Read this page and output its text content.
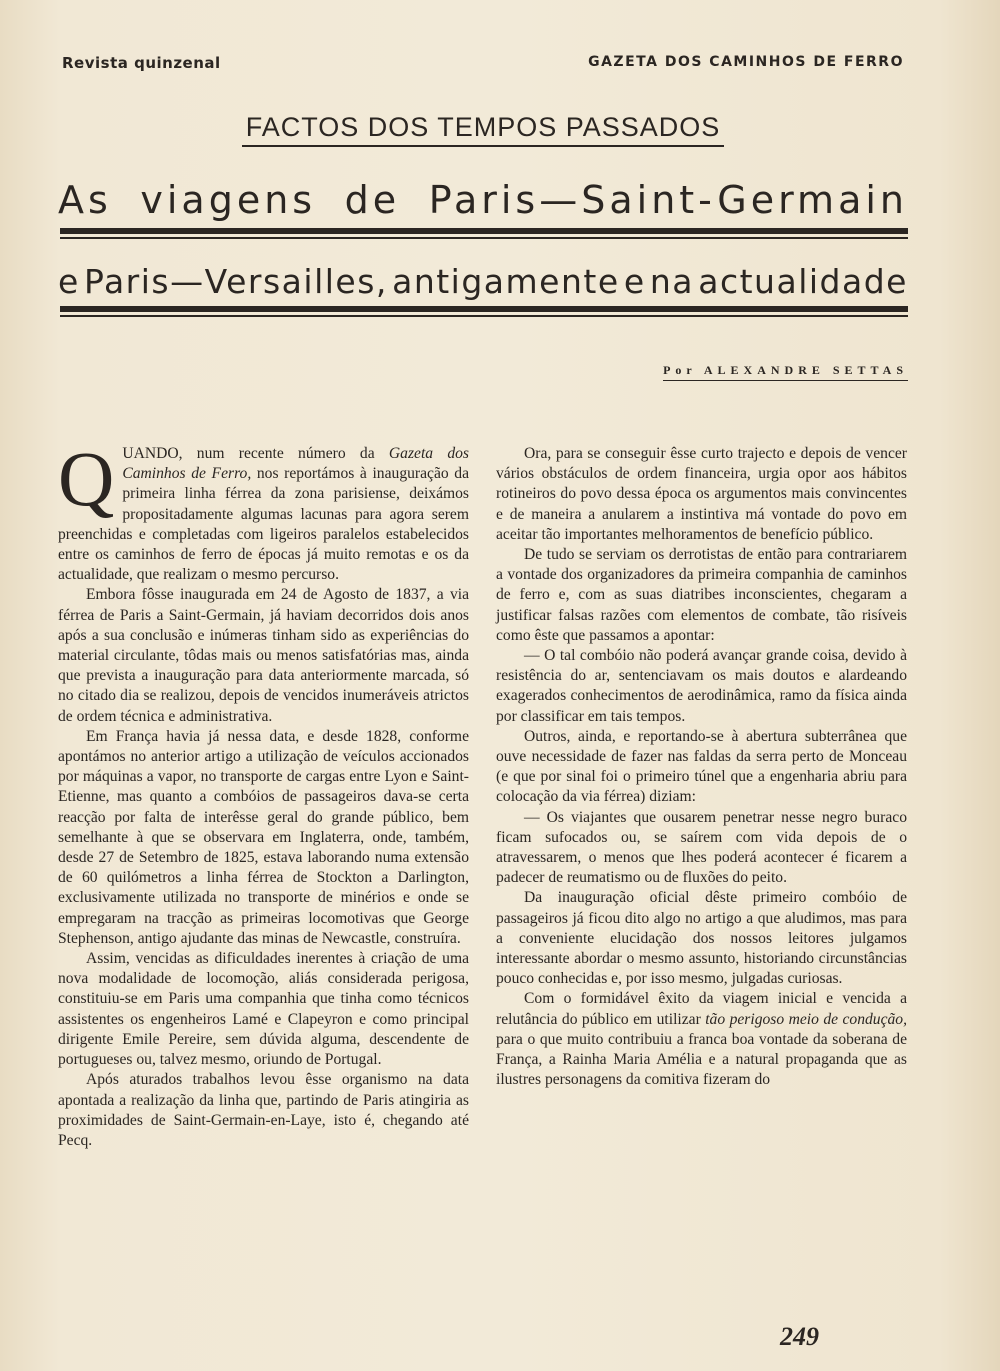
Revista quinzenal	GAZETA DOS CAMINHOS DE FERRO
FACTOS DOS TEMPOS PASSADOS
As viagens de Paris—Saint-Germain
e Paris—Versailles, antigamente e na actualidade
Por ALEXANDRE SETTAS

QUANDO, num recente número da Gazeta dos Caminhos de Ferro, nos reportámos à inauguração da primeira linha férrea da zona parisiense, deixámos propositadamente algumas lacunas para agora serem preenchidas e completadas com ligeiros paralelos estabelecidos entre os caminhos de ferro de épocas já muito remotas e os da actualidade, que realizam o mesmo percurso.

Embora fôsse inaugurada em 24 de Agosto de 1837, a via férrea de Paris a Saint-Germain, já haviam decorridos dois anos após a sua conclusão e inúmeras tinham sido as experiências do material circulante, tôdas mais ou menos satisfatórias mas, ainda que prevista a inauguração para data anteriormente marcada, só no citado dia se realizou, depois de vencidos inumeráveis atrictos de ordem técnica e administrativa.

Em França havia já nessa data, e desde 1828, conforme apontámos no anterior artigo a utilização de veículos accionados por máquinas a vapor, no transporte de cargas entre Lyon e Saint-Etienne, mas quanto a combóios de passageiros dava-se certa reacção por falta de interêsse geral do grande público, bem semelhante à que se observara em Inglaterra, onde, também, desde 27 de Setembro de 1825, estava laborando numa extensão de 60 quilómetros a linha férrea de Stockton a Darlington, exclusivamente utilizada no transporte de minérios e onde se empregaram na tracção as primeiras locomotivas que George Stephenson, antigo ajudante das minas de Newcastle, construíra.

Assim, vencidas as dificuldades inerentes à criação de uma nova modalidade de locomoção, aliás considerada perigosa, constituiu-se em Paris uma companhia que tinha como técnicos assistentes os engenheiros Lamé e Clapeyron e como principal dirigente Emile Pereire, sem dúvida alguma, descendente de portugueses ou, talvez mesmo, oriundo de Portugal.

Após aturados trabalhos levou êsse organismo na data apontada a realização da linha que, partindo de Paris atingiria as proximidades de Saint-Germain-en-Laye, isto é, chegando até Pecq.

Ora, para se conseguir êsse curto trajecto e depois de vencer vários obstáculos de ordem financeira, urgia opor aos hábitos rotineiros do povo dessa época os argumentos mais convincentes e de maneira a anularem a instintiva má vontade do povo em aceitar tão importantes melhoramentos de benefício público.

De tudo se serviam os derrotistas de então para contrariarem a vontade dos organizadores da primeira companhia de caminhos de ferro e, com as suas diatribes inconscientes, chegaram a justificar falsas razões com elementos de combate, tão risíveis como êste que passamos a apontar:

— O tal combóio não poderá avançar grande coisa, devido à resistência do ar, sentenciavam os mais doutos e alardeando exagerados conhecimentos de aerodinâmica, ramo da física ainda por classificar em tais tempos.

Outros, ainda, e reportando-se à abertura subterrânea que ouve necessidade de fazer nas faldas da serra perto de Monceau (e que por sinal foi o primeiro túnel que a engenharia abriu para colocação da via férrea) diziam:

— Os viajantes que ousarem penetrar nesse negro buraco ficam sufocados ou, se saírem com vida depois de o atravessarem, o menos que lhes poderá acontecer é ficarem a padecer de reumatismo ou de fluxões do peito.

Da inauguração oficial dêste primeiro combóio de passageiros já ficou dito algo no artigo a que aludimos, mas para a conveniente elucidação dos nossos leitores julgamos interessante abordar o mesmo assunto, historiando circunstâncias pouco conhecidas e, por isso mesmo, julgadas curiosas.

Com o formidável êxito da viagem inicial e vencida a relutância do público em utilizar tão perigoso meio de condução, para o que muito contribuiu a franca boa vontade da soberana de França, a Rainha Maria Amélia e a natural propaganda que as ilustres personagens da comitiva fizeram do

249
